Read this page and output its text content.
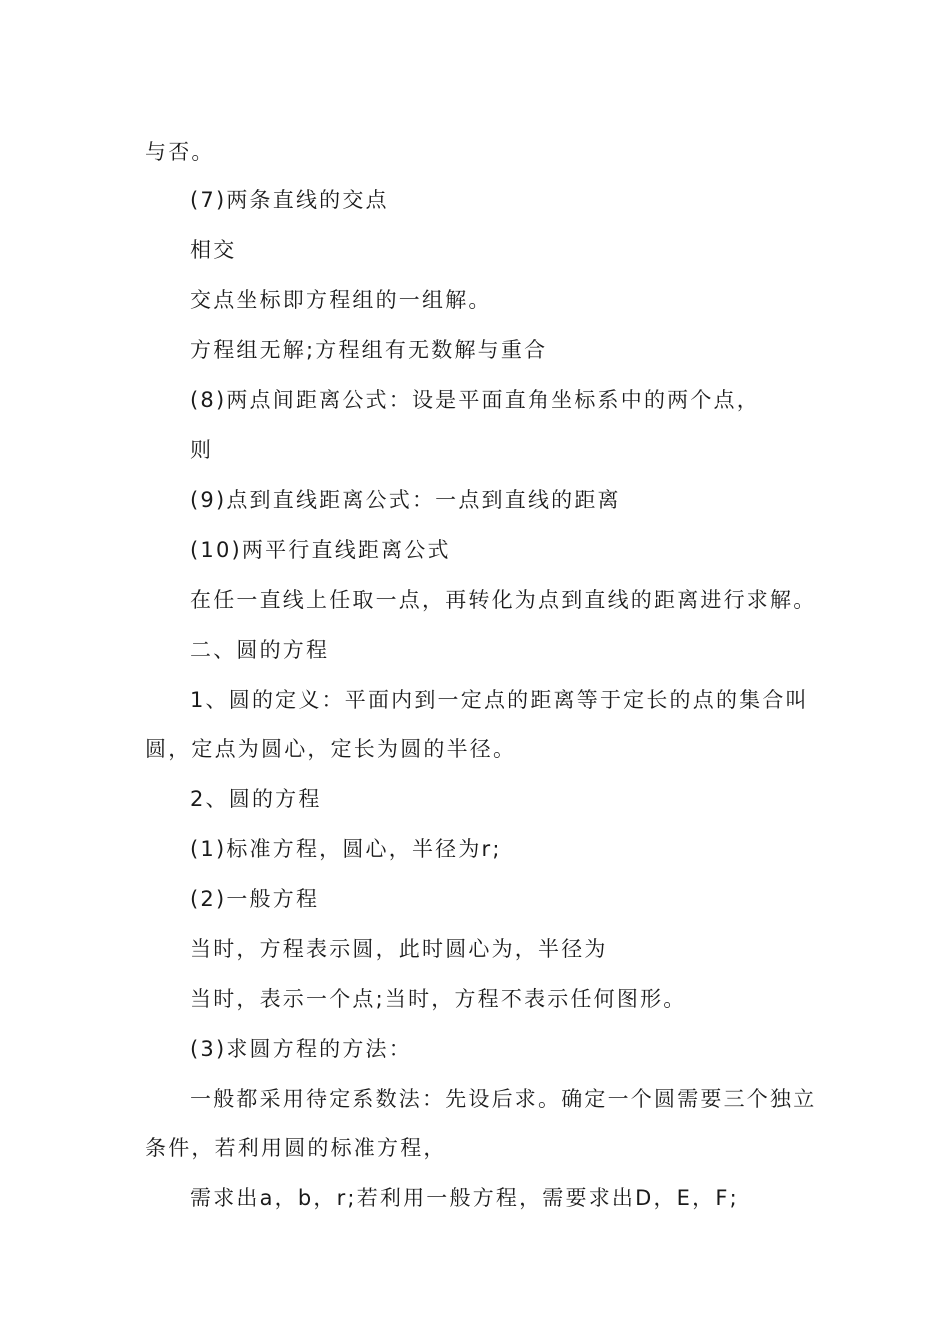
与否。
(7)两条直线的交点
相交
交点坐标即方程组的一组解。
方程组无解;方程组有无数解与重合
(8)两点间距离公式：设是平面直角坐标系中的两个点，
则
(9)点到直线距离公式：一点到直线的距离
(10)两平行直线距离公式
在任一直线上任取一点，再转化为点到直线的距离进行求解。
二、圆的方程
1、圆的定义：平面内到一定点的距离等于定长的点的集合叫
圆，定点为圆心，定长为圆的半径。
2、圆的方程
(1)标准方程，圆心，半径为r;
(2)一般方程
当时，方程表示圆，此时圆心为，半径为
当时，表示一个点;当时，方程不表示任何图形。
(3)求圆方程的方法：
一般都采用待定系数法：先设后求。确定一个圆需要三个独立
条件，若利用圆的标准方程，
需求出a，b，r;若利用一般方程，需要求出D，E，F;
